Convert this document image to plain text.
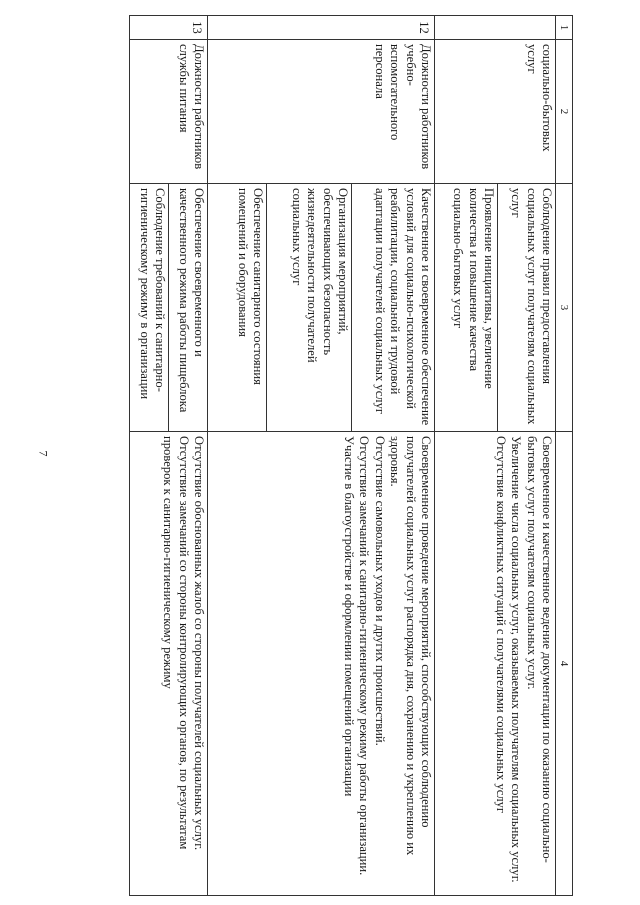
7
1	2	3	4
	социально-бытовых услуг	Соблюдение правил предоставления социальных услуг получателям социальных услуг	Своевременное и качественное ведение документации по оказанию социально-бытовых услуг получателям социальных услуг.

Увеличение числа социальных услуг, оказываемых получателям социальных услуг.

Отсутствие конфликтных ситуаций с получателями социальных услуг

		Проявление инициативы, увеличение количества и повышение качества социально-бытовых услуг	
12	Должности работников учебно-вспомогательного персонала	Качественное и своевременное обеспечение условий для социально-психологической реабилитации, социальной и трудовой адаптации получателей социальных услуг	Своевременное проведение мероприятий, способствующих соблюдению получателей социальных услуг распорядка дня, сохранению и укреплению их здоровья.

Отсутствие самовольных уходов и других происшествий.

Отсутствие замечаний к санитарно-гигиеническому режиму работы организации.

Участие в благоустройстве и оформлении помещений организации

		Организация мероприятий, обеспечивающих безопасность жизнедеятельности получателей социальных услуг	
		Обеспечение санитарного состояния помещений и оборудования	
13	Должности работников службы питания	Обеспечение своевременного и качественного режима работы пищеблока	Отсутствие обоснованных жалоб со стороны получателей социальных услуг.

Отсутствие замечаний со стороны контролирующих органов, по результатам проверок к санитарно-гигиеническому режиму

		Соблюдение требований к санитарно-гигиеническому режиму в организации	
